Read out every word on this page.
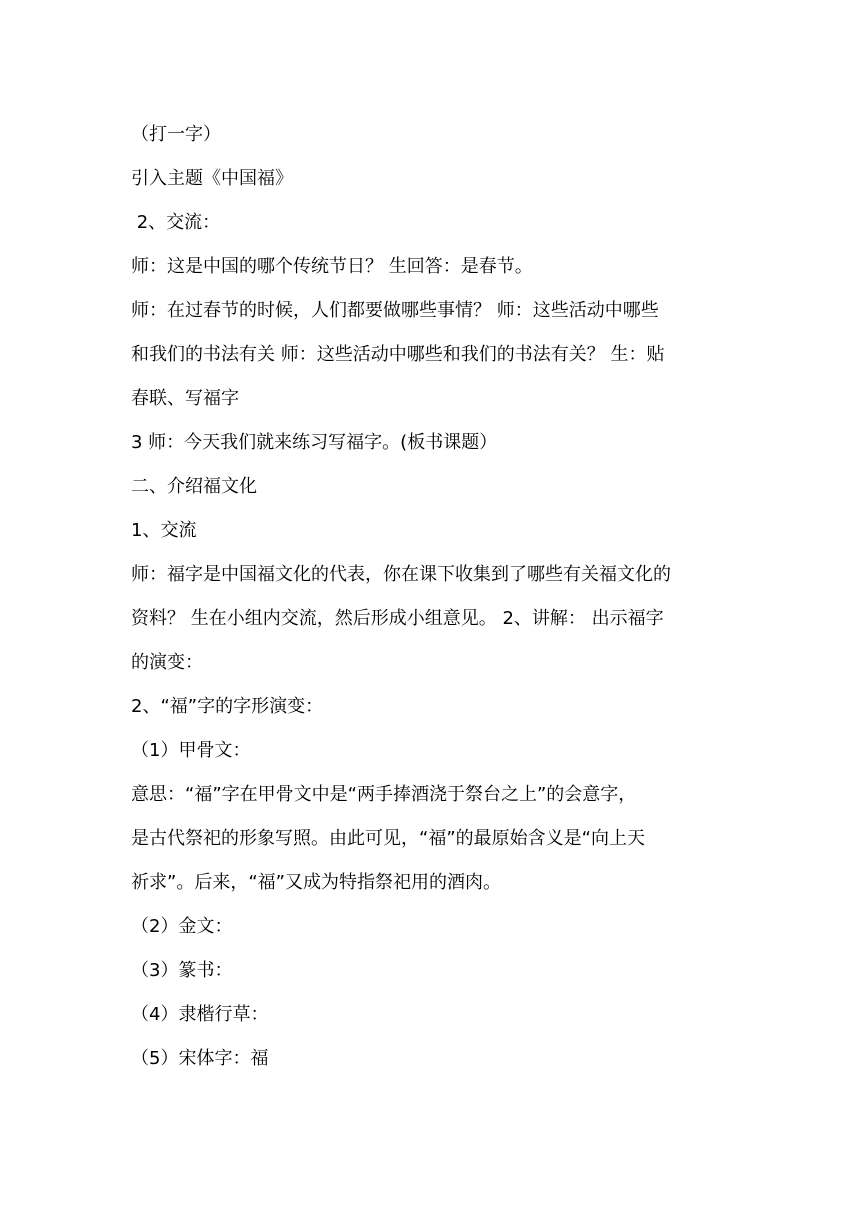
（打一字）
引入主题《中国福》
2、交流：
师：这是中国的哪个传统节日？ 生回答：是春节。
师：在过春节的时候，人们都要做哪些事情？ 师：这些活动中哪些
和我们的书法有关 师：这些活动中哪些和我们的书法有关？ 生：贴
春联、写福字
3 师：今天我们就来练习写福字。(板书课题）
二、介绍福文化
1、交流
师：福字是中国福文化的代表，你在课下收集到了哪些有关福文化的
资料？ 生在小组内交流，然后形成小组意见。 2、讲解： 出示福字
的演变：
2、“福”字的字形演变：
（1）甲骨文：
意思：“福”字在甲骨文中是“两手捧酒浇于祭台之上”的会意字，
是古代祭祀的形象写照。由此可见，“福”的最原始含义是“向上天
祈求”。后来，“福”又成为特指祭祀用的酒肉。
（2）金文：
（3）篆书：
（4）隶楷行草：
（5）宋体字：福
